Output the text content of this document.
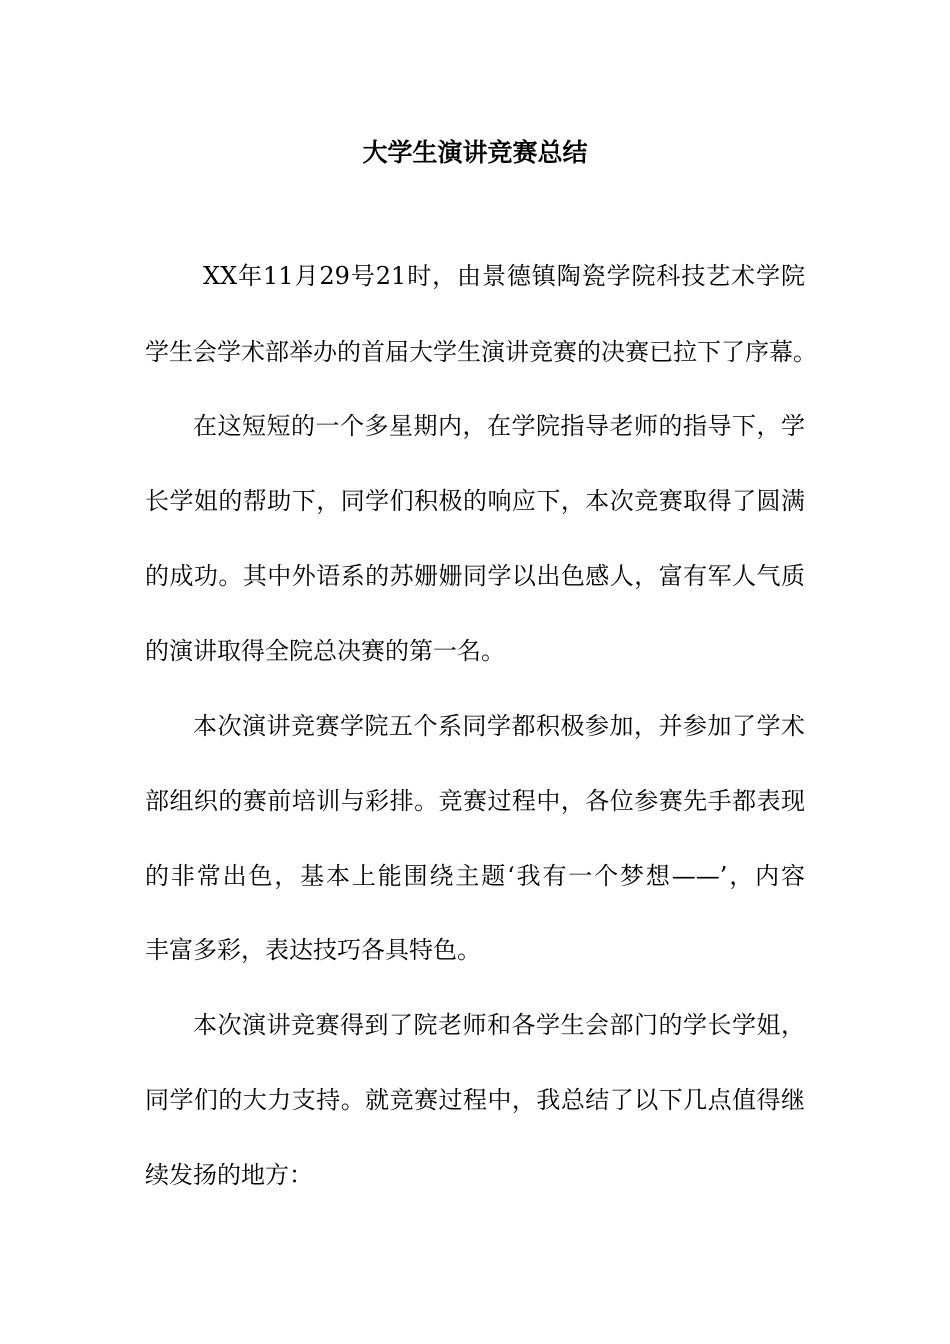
大学生演讲竞赛总结
XX年11月29号21时，由景德镇陶瓷学院科技艺术学院
学生会学术部举办的首届大学生演讲竞赛的决赛已拉下了序幕。
在这短短的一个多星期内，在学院指导老师的指导下，学
长学姐的帮助下，同学们积极的响应下，本次竞赛取得了圆满
的成功。其中外语系的苏姗姗同学以出色感人，富有军人气质
的演讲取得全院总决赛的第一名。
本次演讲竞赛学院五个系同学都积极参加，并参加了学术
部组织的赛前培训与彩排。竞赛过程中，各位参赛先手都表现
的非常出色，基本上能围绕主题‘我有一个梦想——’，内容
丰富多彩，表达技巧各具特色。
本次演讲竞赛得到了院老师和各学生会部门的学长学姐，
同学们的大力支持。就竞赛过程中，我总结了以下几点值得继
续发扬的地方：
